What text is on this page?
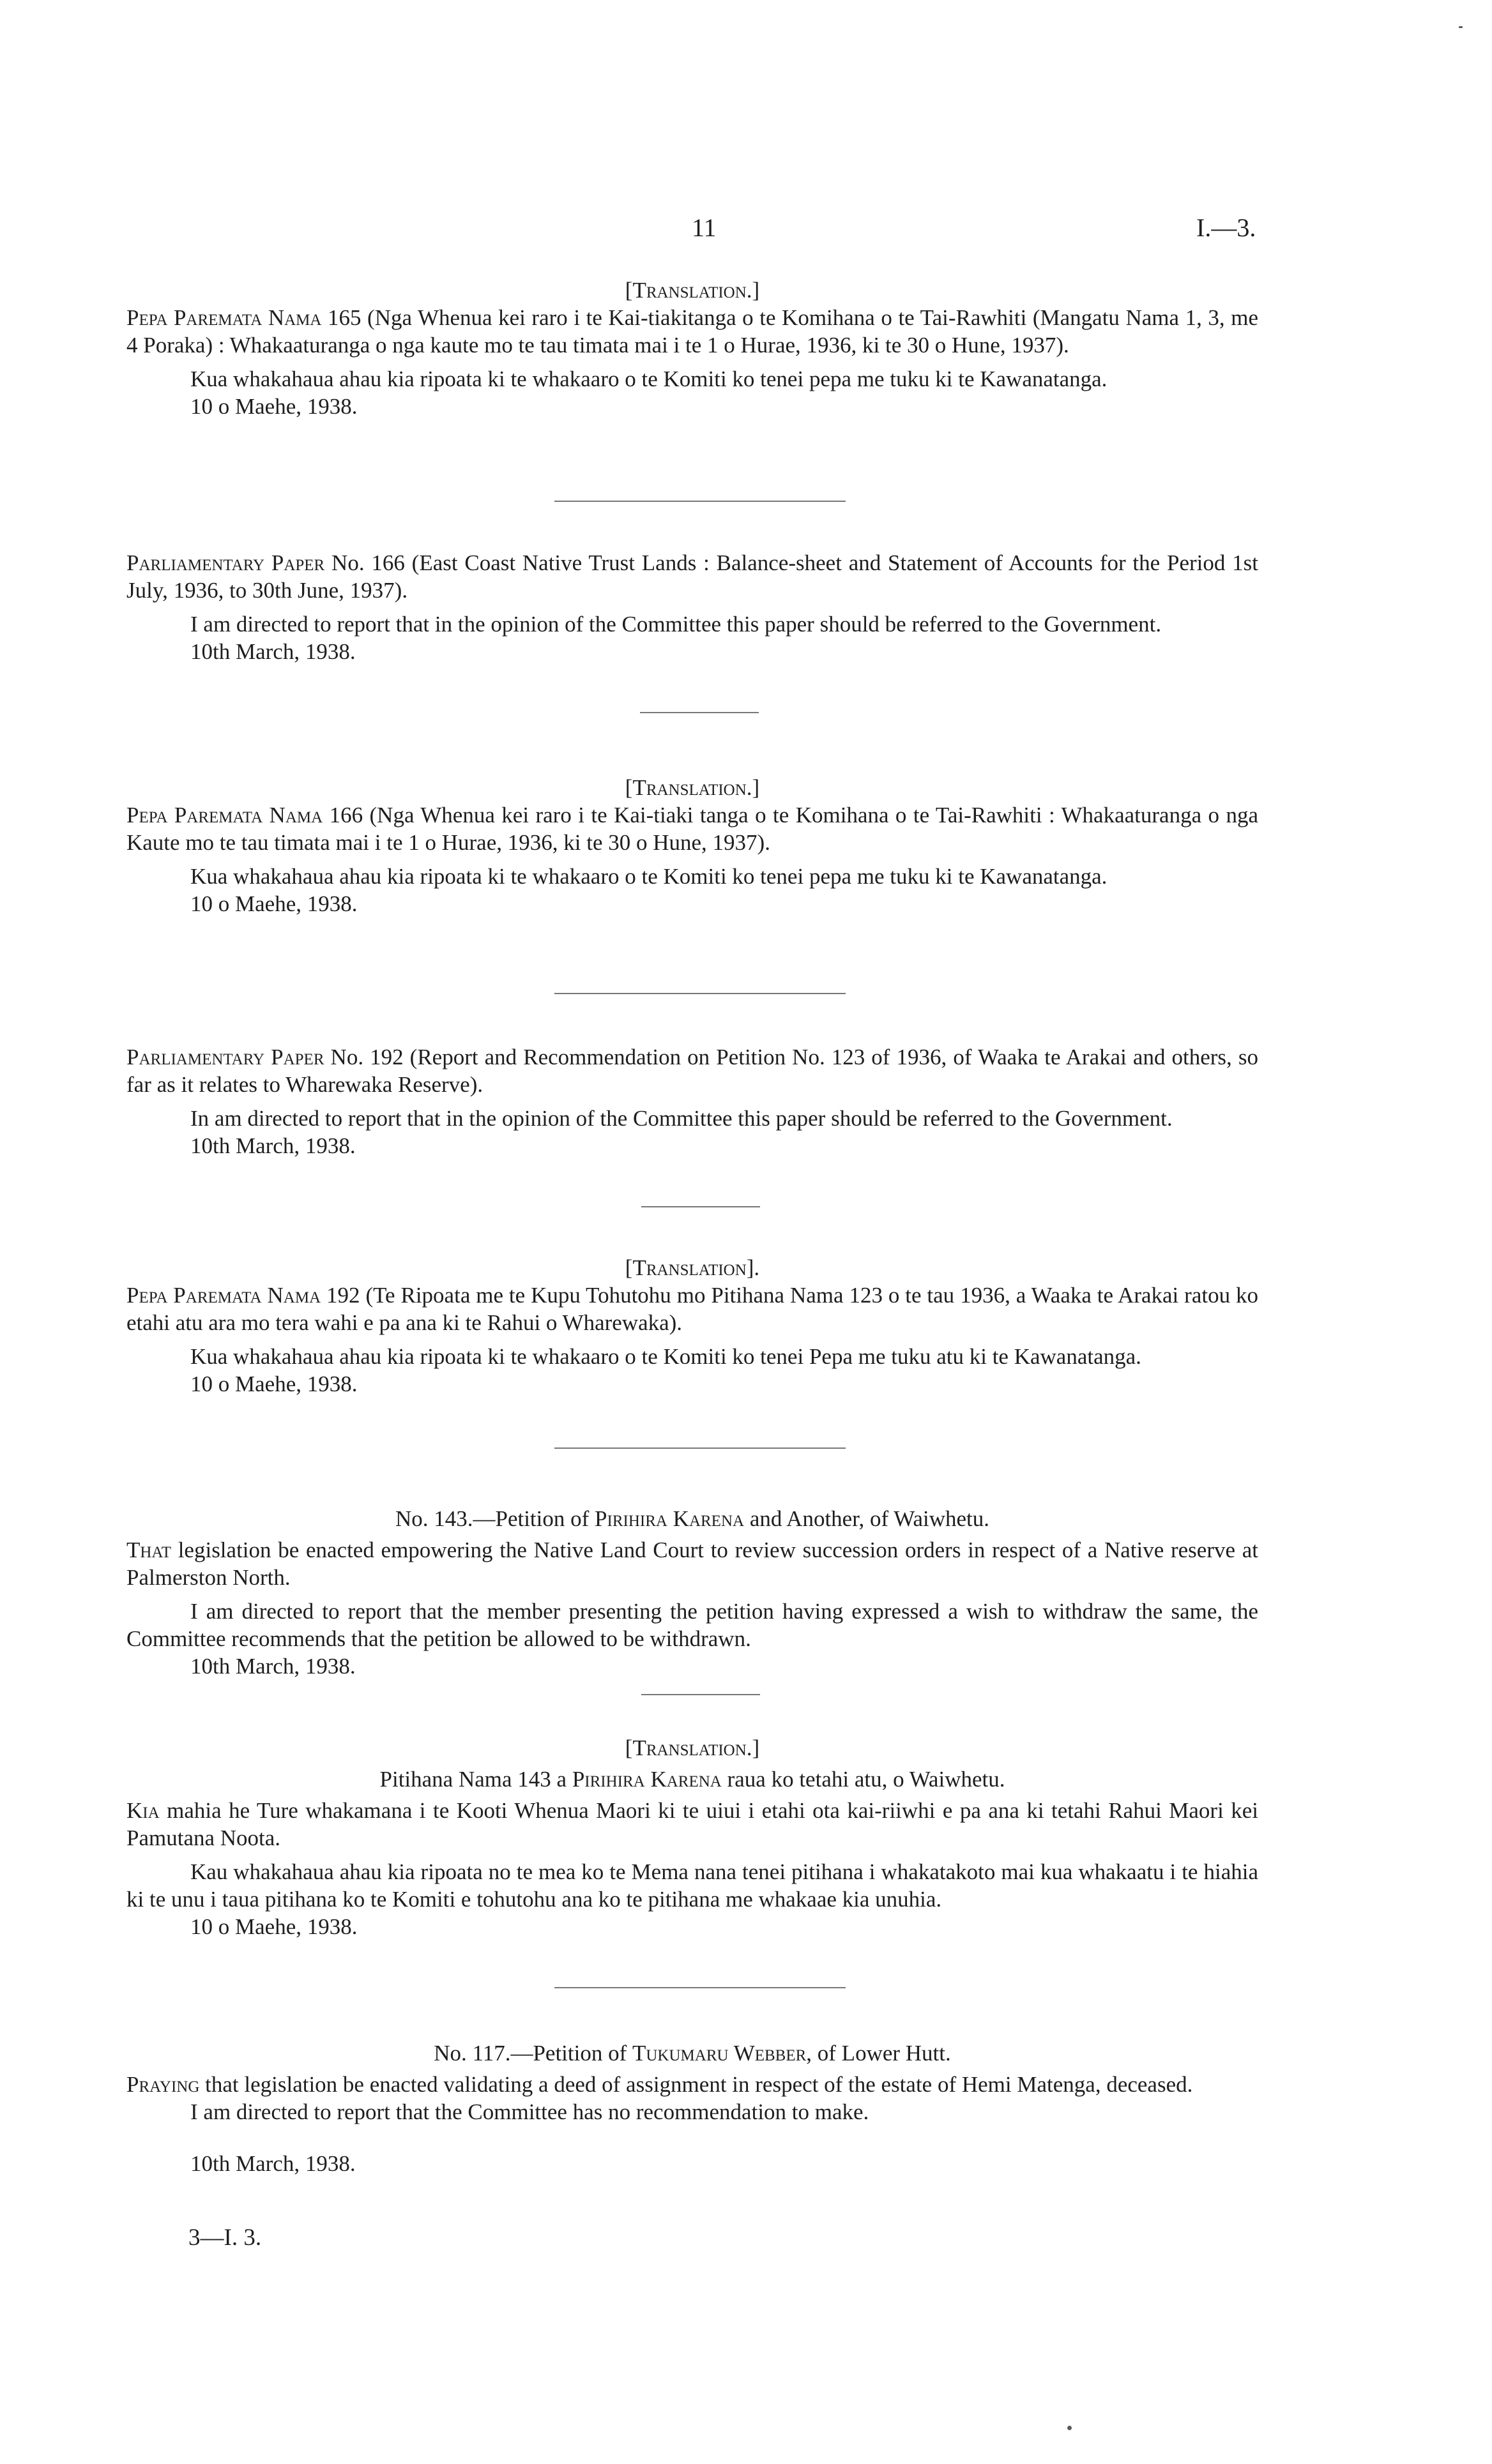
11	I.—3.

[Translation.]

Pepa Paremata Nama 165 (Nga Whenua kei raro i te Kai-tiakitanga o te Komihana o te Tai-Rawhiti (Mangatu Nama 1, 3, me 4 Poraka) : Whakaaturanga o nga kaute mo te tau timata mai i te 1 o Hurae, 1936, ki te 30 o Hune, 1937).

Kua whakahaua ahau kia ripoata ki te whakaaro o te Komiti ko tenei pepa me tuku ki te Kawanatanga.

10 o Maehe, 1938.

Parliamentary Paper No. 166 (East Coast Native Trust Lands : Balance-sheet and Statement of Accounts for the Period 1st July, 1936, to 30th June, 1937).

I am directed to report that in the opinion of the Committee this paper should be referred to the Government.

10th March, 1938.

[Translation.]

Pepa Paremata Nama 166 (Nga Whenua kei raro i te Kai-tiaki tanga o te Komihana o te Tai-Rawhiti : Whakaaturanga o nga Kaute mo te tau timata mai i te 1 o Hurae, 1936, ki te 30 o Hune, 1937).

Kua whakahaua ahau kia ripoata ki te whakaaro o te Komiti ko tenei pepa me tuku ki te Kawanatanga.

10 o Maehe, 1938.

Parliamentary Paper No. 192 (Report and Recommendation on Petition No. 123 of 1936, of Waaka te Arakai and others, so far as it relates to Wharewaka Reserve).

In am directed to report that in the opinion of the Committee this paper should be referred to the Government.

10th March, 1938.

[Translation].

Pepa Paremata Nama 192 (Te Ripoata me te Kupu Tohutohu mo Pitihana Nama 123 o te tau 1936, a Waaka te Arakai ratou ko etahi atu ara mo tera wahi e pa ana ki te Rahui o Wharewaka).

Kua whakahaua ahau kia ripoata ki te whakaaro o te Komiti ko tenei Pepa me tuku atu ki te Kawanatanga.

10 o Maehe, 1938.

No. 143.—Petition of Pirihira Karena and Another, of Waiwhetu.

That legislation be enacted empowering the Native Land Court to review succession orders in respect of a Native reserve at Palmerston North.

I am directed to report that the member presenting the petition having expressed a wish to withdraw the same, the Committee recommends that the petition be allowed to be withdrawn.

10th March, 1938.

[Translation.]

Pitihana Nama 143 a Pirihira Karena raua ko tetahi atu, o Waiwhetu.

Kia mahia he Ture whakamana i te Kooti Whenua Maori ki te uiui i etahi ota kai-riiwhi e pa ana ki tetahi Rahui Maori kei Pamutana Noota.

Kau whakahaua ahau kia ripoata no te mea ko te Mema nana tenei pitihana i whakatakoto mai kua whakaatu i te hiahia ki te unu i taua pitihana ko te Komiti e tohutohu ana ko te pitihana me whakaae kia unuhia.

10 o Maehe, 1938.

No. 117.—Petition of Tukumaru Webber, of Lower Hutt.

Praying that legislation be enacted validating a deed of assignment in respect of the estate of Hemi Matenga, deceased.

I am directed to report that the Committee has no recommendation to make.

10th March, 1938.

3—I. 3.
